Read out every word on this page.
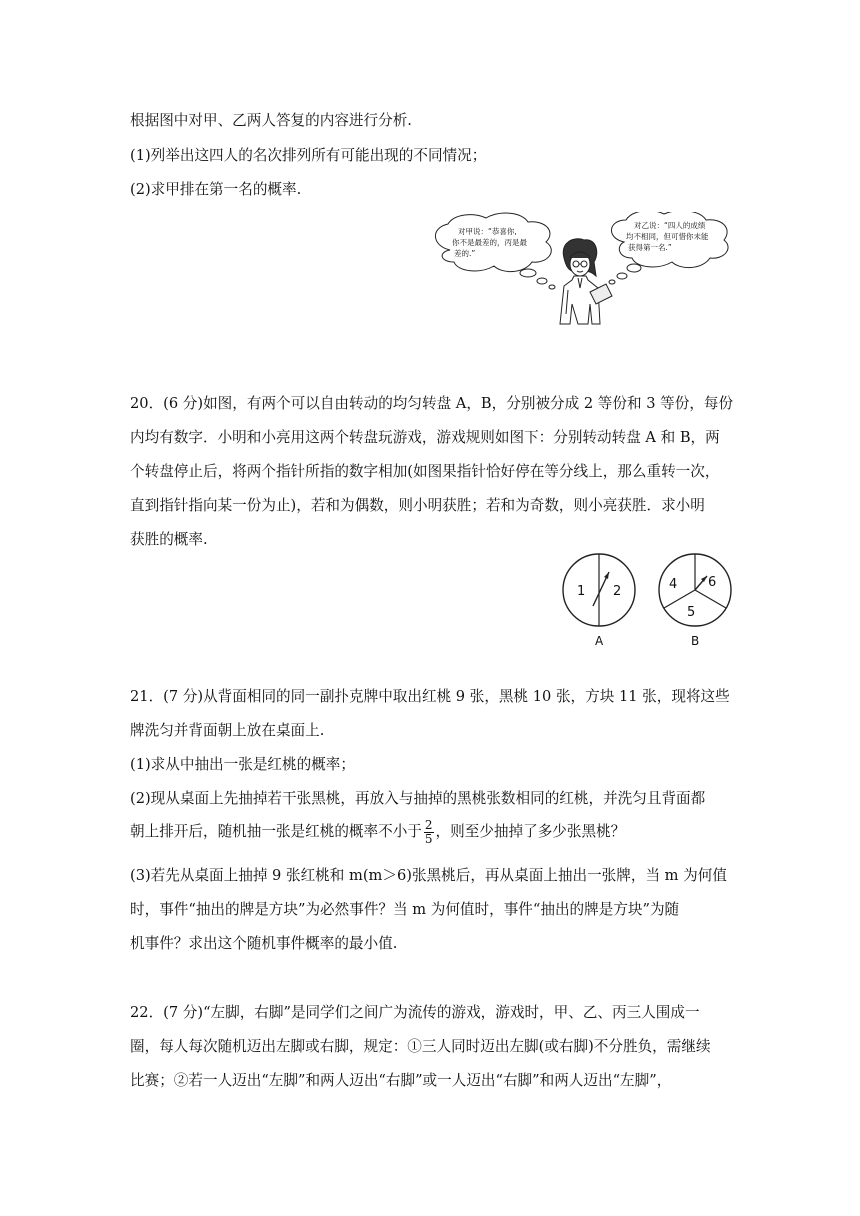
根据图中对甲、乙两人答复的内容进行分析.
(1)列举出这四人的名次排列所有可能出现的不同情况；
(2)求甲排在第一名的概率.
对甲说：“恭喜你,
你不是最差的，丙是最
差的.”
对乙说：“四人的成绩
均不相同，但可惜你未能
获得第一名.”
20．(6 分)如图，有两个可以自由转动的均匀转盘 A，B，分别被分成 2 等份和 3 等份，每份
内均有数字．小明和小亮用这两个转盘玩游戏，游戏规则如图下：分别转动转盘 A 和 B，两
个转盘停止后，将两个指针所指的数字相加(如图果指针恰好停在等分线上，那么重转一次，
直到指针指向某一份为止)，若和为偶数，则小明获胜；若和为奇数，则小亮获胜．求小明
获胜的概率.
1 2
A
4 6
5
B
21．(7 分)从背面相同的同一副扑克牌中取出红桃 9 张，黑桃 10 张，方块 11 张，现将这些
牌洗匀并背面朝上放在桌面上.
(1)求从中抽出一张是红桃的概率；
(2)现从桌面上先抽掉若干张黑桃，再放入与抽掉的黑桃张数相同的红桃，并洗匀且背面都
朝上排开后，随机抽一张是红桃的概率不小于 $\frac{2}{5}$ ，则至少抽掉了多少张黑桃？
(3)若先从桌面上抽掉 9 张红桃和 m(m＞6)张黑桃后，再从桌面上抽出一张牌，当 m 为何值
时，事件“抽出的牌是方块”为必然事件？当 m 为何值时，事件“抽出的牌是方块”为随
机事件？求出这个随机事件概率的最小值.
22．(7 分)“左脚，右脚”是同学们之间广为流传的游戏，游戏时，甲、乙、丙三人围成一
圈，每人每次随机迈出左脚或右脚，规定：①三人同时迈出左脚(或右脚)不分胜负，需继续
比赛；②若一人迈出“左脚”和两人迈出“右脚”或一人迈出“右脚”和两人迈出“左脚”，
